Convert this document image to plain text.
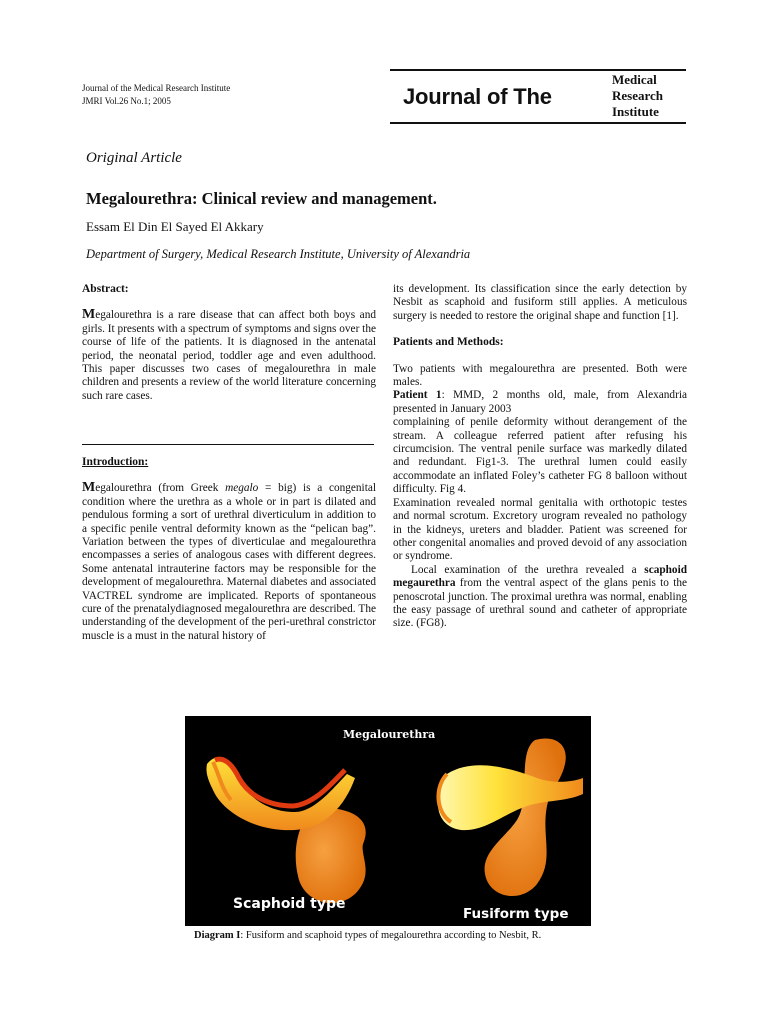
Journal of the Medical Research Institute
JMRI Vol.26 No.1; 2005	Journal of The
Medical
Research
Institute
Original Article
Megalourethra: Clinical review and management.
Essam El Din El Sayed El Akkary
Department of Surgery, Medical Research Institute, University of Alexandria

Abstract:

Megalourethra is a rare disease that can affect both boys and girls. It presents with a spectrum of symptoms and signs over the course of life of the patients. It is diagnosed in the antenatal period, the neonatal period, toddler age and even adulthood. This paper discusses two cases of megalourethra in male children and presents a review of the world literature concerning such rare cases.

Introduction:

Megalourethra (from Greek megalo = big) is a congenital condition where the urethra as a whole or in part is dilated and pendulous forming a sort of urethral diverticulum in addition to a specific penile ventral deformity known as the “pelican bag”. Variation between the types of diverticulae and megalourethra encompasses a series of analogous cases with different degrees. Some antenatal intrauterine factors may be responsible for the development of megalourethra. Maternal diabetes and associated VACTREL syndrome are implicated. Reports of spontaneous cure of the prenatalydiagnosed megalourethra are described. The understanding of the development of the peri-urethral constrictor muscle is a must in the natural history of

its development. Its classification since the early detection by Nesbit as scaphoid and fusiform still applies. A meticulous surgery is needed to restore the original shape and function [1].

Patients and Methods:

Two patients with megalourethra are presented. Both were males.

Patient 1: MMD, 2 months old, male, from Alexandria presented in January 2003

complaining of penile deformity without derangement of the stream. A colleague referred patient after refusing his circumcision. The ventral penile surface was markedly dilated and redundant. Fig1-3. The urethral lumen could easily accommodate an inflated Foley’s catheter FG 8 balloon without difficulty. Fig 4.

Examination revealed normal genitalia with orthotopic testes and normal scrotum. Excretory urogram revealed no pathology in the kidneys, ureters and bladder. Patient was screened for other congenital anomalies and proved devoid of any association or syndrome.

Local examination of the urethra revealed a scaphoid megaurethra from the ventral aspect of the glans penis to the penoscrotal junction. The proximal urethra was normal, enabling the easy passage of urethral sound and catheter of appropriate size. (FG8).

Megalourethra
Scaphoid type
Fusiform type
Diagram I: Fusiform and scaphoid types of megalourethra according to Nesbit, R.
